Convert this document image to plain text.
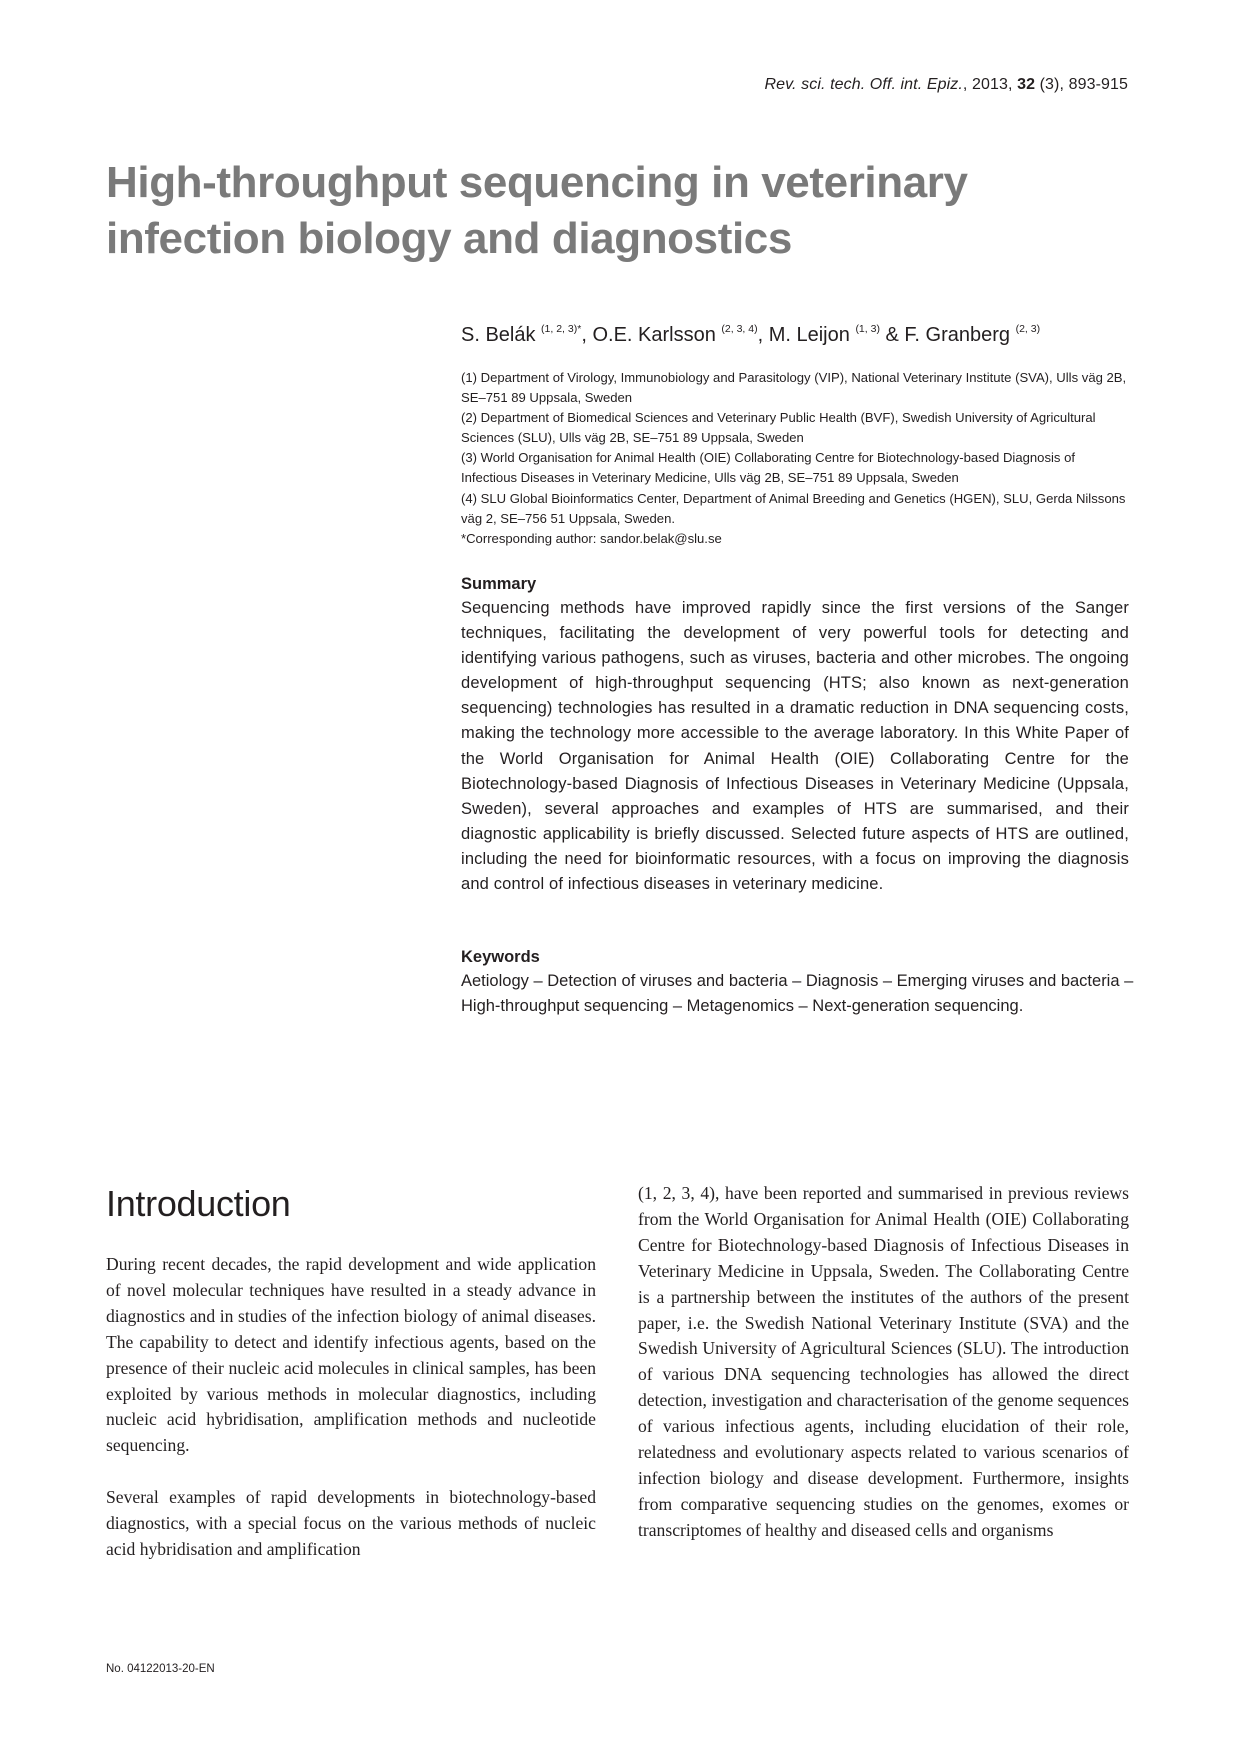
Rev. sci. tech. Off. int. Epiz., 2013, 32 (3), 893-915
High-throughput sequencing in veterinary infection biology and diagnostics
S. Belák $^{(1, 2, 3)*}$, O.E. Karlsson $^{(2, 3, 4)}$, M. Leijon $^{(1, 3)}$ & F. Granberg $^{(2, 3)}$
(1) Department of Virology, Immunobiology and Parasitology (VIP), National Veterinary Institute (SVA), Ulls väg 2B, SE–751 89 Uppsala, Sweden
(2) Department of Biomedical Sciences and Veterinary Public Health (BVF), Swedish University of Agricultural Sciences (SLU), Ulls väg 2B, SE–751 89 Uppsala, Sweden
(3) World Organisation for Animal Health (OIE) Collaborating Centre for Biotechnology-based Diagnosis of Infectious Diseases in Veterinary Medicine, Ulls väg 2B, SE–751 89 Uppsala, Sweden
(4) SLU Global Bioinformatics Center, Department of Animal Breeding and Genetics (HGEN), SLU, Gerda Nilssons väg 2, SE–756 51 Uppsala, Sweden.
*Corresponding author: sandor.belak@slu.se
Summary

Sequencing methods have improved rapidly since the first versions of the Sanger techniques, facilitating the development of very powerful tools for detecting and identifying various pathogens, such as viruses, bacteria and other microbes. The ongoing development of high-throughput sequencing (HTS; also known as next-generation sequencing) technologies has resulted in a dramatic reduction in DNA sequencing costs, making the technology more accessible to the average laboratory. In this White Paper of the World Organisation for Animal Health (OIE) Collaborating Centre for the Biotechnology-based Diagnosis of Infectious Diseases in Veterinary Medicine (Uppsala, Sweden), several approaches and examples of HTS are summarised, and their diagnostic applicability is briefly discussed. Selected future aspects of HTS are outlined, including the need for bioinformatic resources, with a focus on improving the diagnosis and control of infectious diseases in veterinary medicine.

Keywords

Aetiology – Detection of viruses and bacteria – Diagnosis – Emerging viruses and bacteria – High-throughput sequencing – Metagenomics – Next-generation sequencing.

Introduction

During recent decades, the rapid development and wide application of novel molecular techniques have resulted in a steady advance in diagnostics and in studies of the infection biology of animal diseases. The capability to detect and identify infectious agents, based on the presence of their nucleic acid molecules in clinical samples, has been exploited by various methods in molecular diagnostics, including nucleic acid hybridisation, amplification methods and nucleotide sequencing.

Several examples of rapid developments in biotechnology-based diagnostics, with a special focus on the various methods of nucleic acid hybridisation and amplification

(1, 2, 3, 4), have been reported and summarised in previous reviews from the World Organisation for Animal Health (OIE) Collaborating Centre for Biotechnology-based Diagnosis of Infectious Diseases in Veterinary Medicine in Uppsala, Sweden. The Collaborating Centre is a partnership between the institutes of the authors of the present paper, i.e. the Swedish National Veterinary Institute (SVA) and the Swedish University of Agricultural Sciences (SLU). The introduction of various DNA sequencing technologies has allowed the direct detection, investigation and characterisation of the genome sequences of various infectious agents, including elucidation of their role, relatedness and evolutionary aspects related to various scenarios of infection biology and disease development. Furthermore, insights from comparative sequencing studies on the genomes, exomes or transcriptomes of healthy and diseased cells and organisms

No. 04122013-20-EN
